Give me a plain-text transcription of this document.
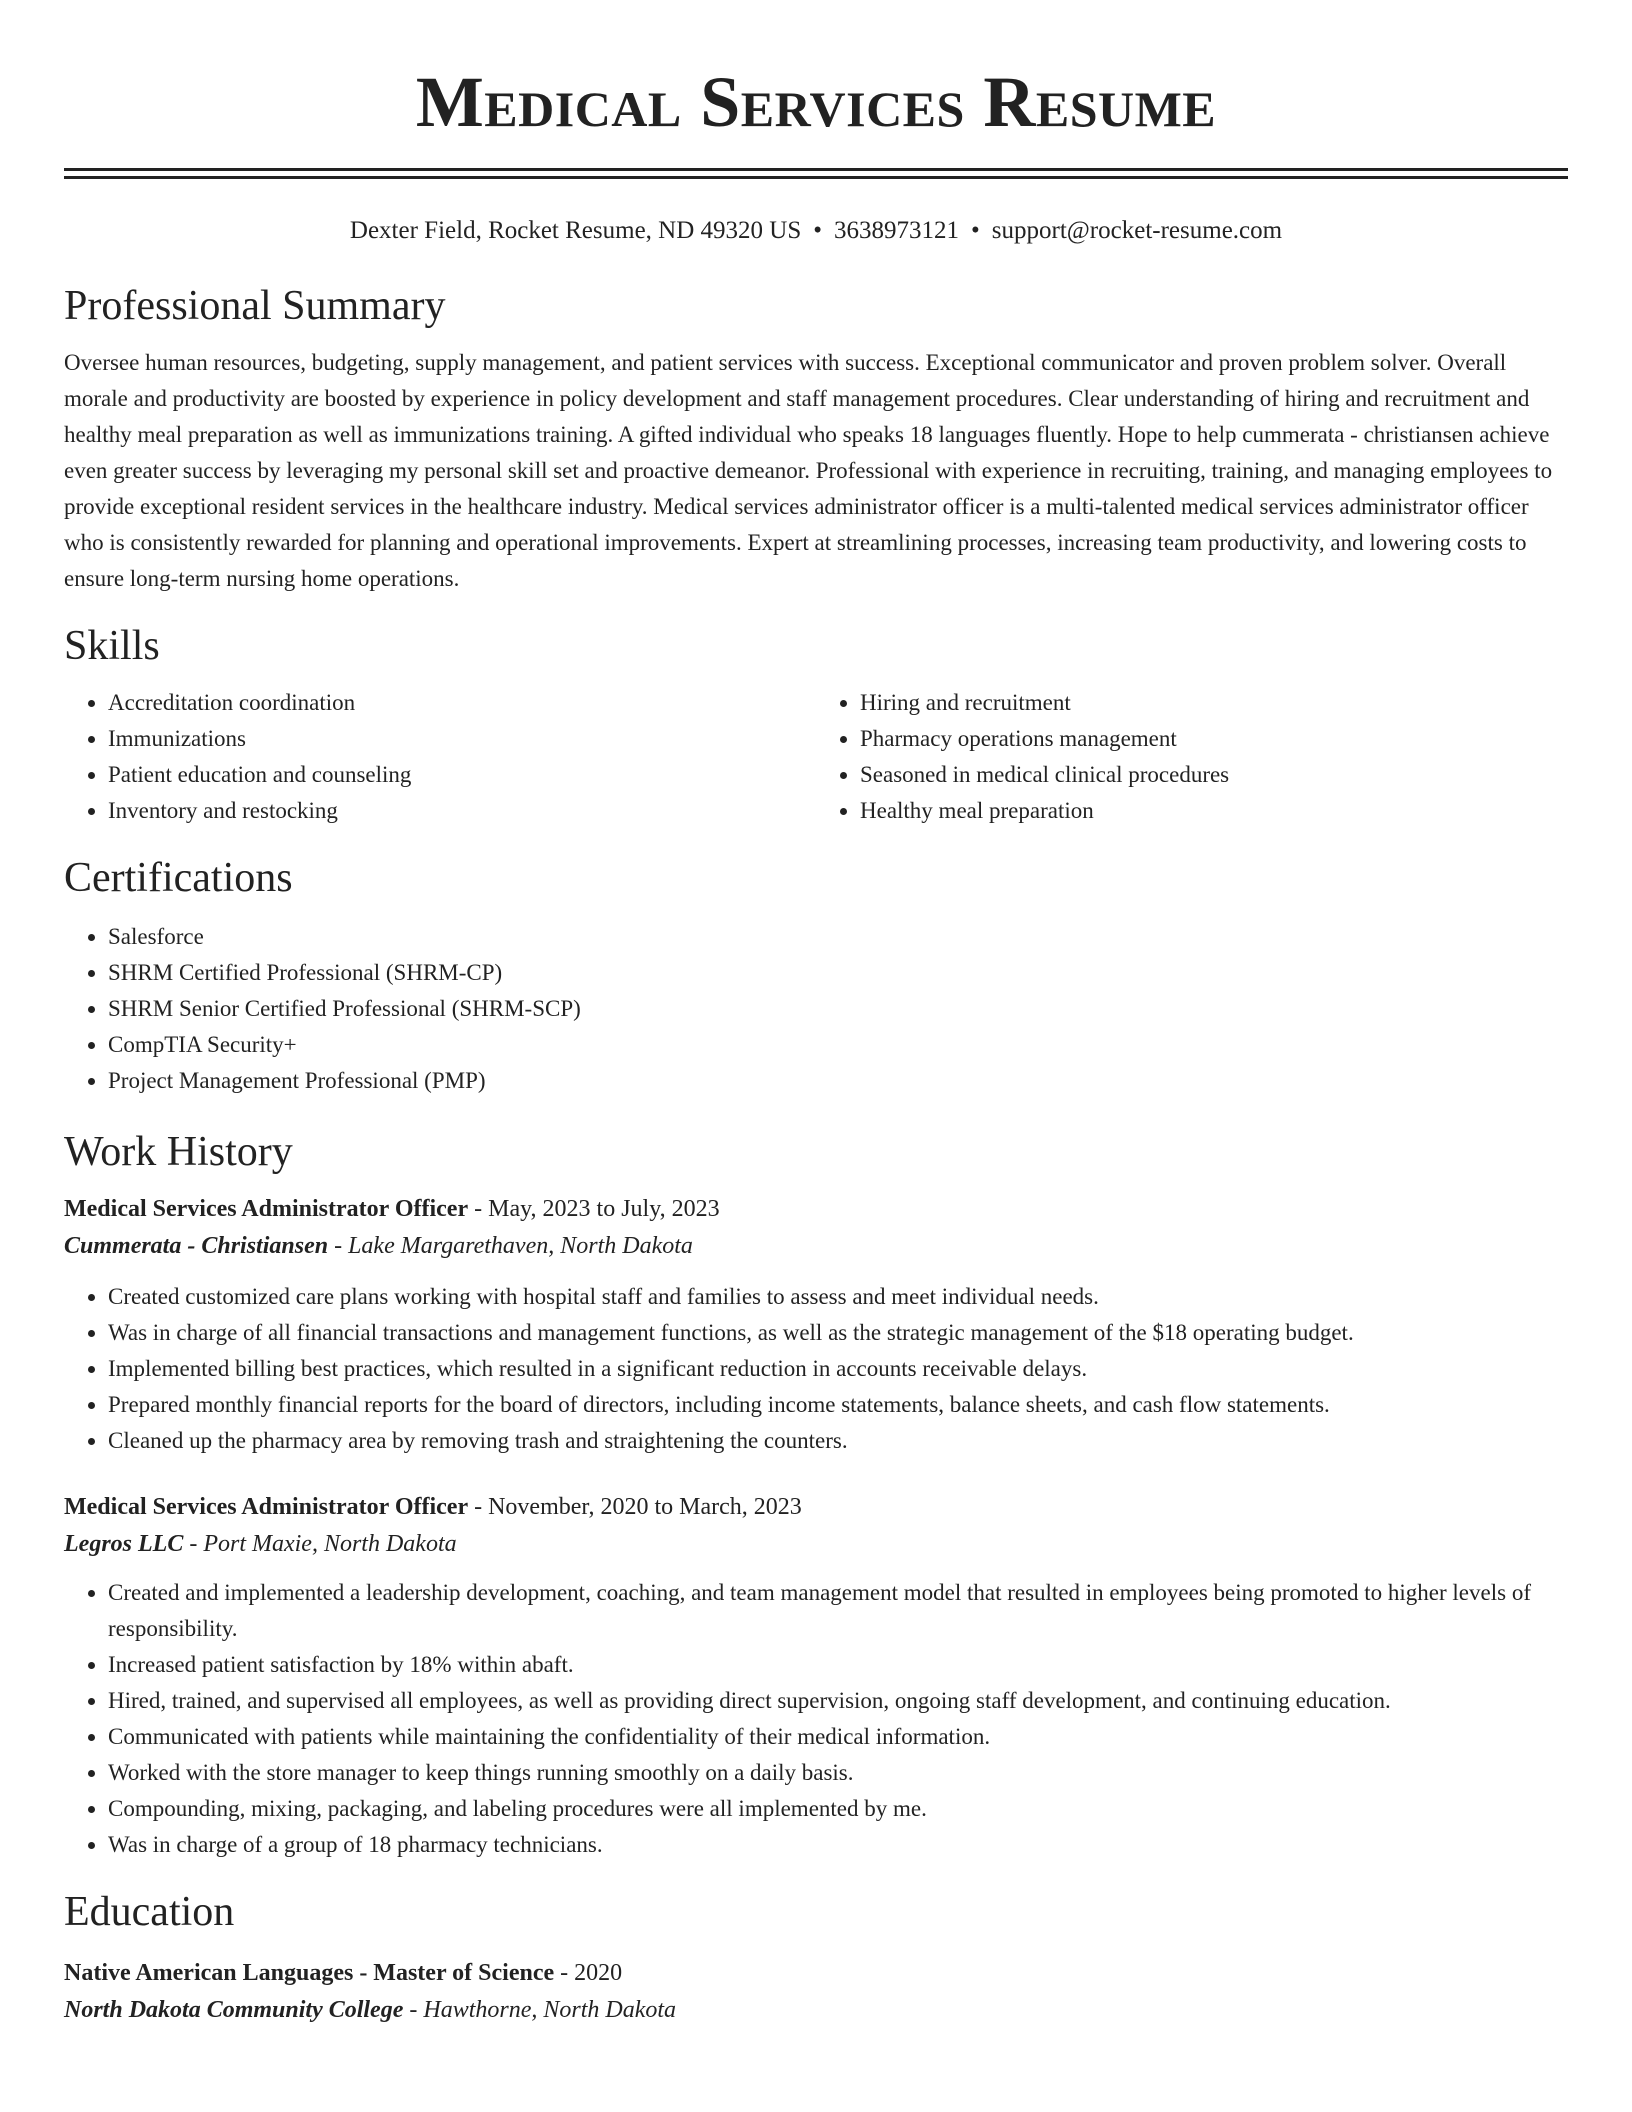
Medical Services Resume
Dexter Field, Rocket Resume, ND 49320 US • 3638973121 • support@rocket-resume.com
Professional Summary

Oversee human resources, budgeting, supply management, and patient services with success. Exceptional communicator and proven problem solver. Overall morale and productivity are boosted by experience in policy development and staff management procedures. Clear understanding of hiring and recruitment and healthy meal preparation as well as immunizations training. A gifted individual who speaks 18 languages fluently. Hope to help cummerata - christiansen achieve even greater success by leveraging my personal skill set and proactive demeanor. Professional with experience in recruiting, training, and managing employees to provide exceptional resident services in the healthcare industry. Medical services administrator officer is a multi-talented medical services administrator officer who is consistently rewarded for planning and operational improvements. Expert at streamlining processes, increasing team productivity, and lowering costs to ensure long-term nursing home operations.

Skills
• Accreditation coordination
• Immunizations
• Patient education and counseling
• Inventory and restocking
• Hiring and recruitment
• Pharmacy operations management
• Seasoned in medical clinical procedures
• Healthy meal preparation
Certifications
• Salesforce
• SHRM Certified Professional (SHRM-CP)
• SHRM Senior Certified Professional (SHRM-SCP)
• CompTIA Security+
• Project Management Professional (PMP)
Work History

Medical Services Administrator Officer - May, 2023 to July, 2023

Cummerata - Christiansen - Lake Margarethaven, North Dakota

• Created customized care plans working with hospital staff and families to assess and meet individual needs.
• Was in charge of all financial transactions and management functions, as well as the strategic management of the $18 operating budget.
• Implemented billing best practices, which resulted in a significant reduction in accounts receivable delays.
• Prepared monthly financial reports for the board of directors, including income statements, balance sheets, and cash flow statements.
• Cleaned up the pharmacy area by removing trash and straightening the counters.

Medical Services Administrator Officer - November, 2020 to March, 2023

Legros LLC - Port Maxie, North Dakota

• Created and implemented a leadership development, coaching, and team management model that resulted in employees being promoted to higher levels of responsibility.
• Increased patient satisfaction by 18% within abaft.
• Hired, trained, and supervised all employees, as well as providing direct supervision, ongoing staff development, and continuing education.
• Communicated with patients while maintaining the confidentiality of their medical information.
• Worked with the store manager to keep things running smoothly on a daily basis.
• Compounding, mixing, packaging, and labeling procedures were all implemented by me.
• Was in charge of a group of 18 pharmacy technicians.
Education

Native American Languages - Master of Science - 2020

North Dakota Community College - Hawthorne, North Dakota
